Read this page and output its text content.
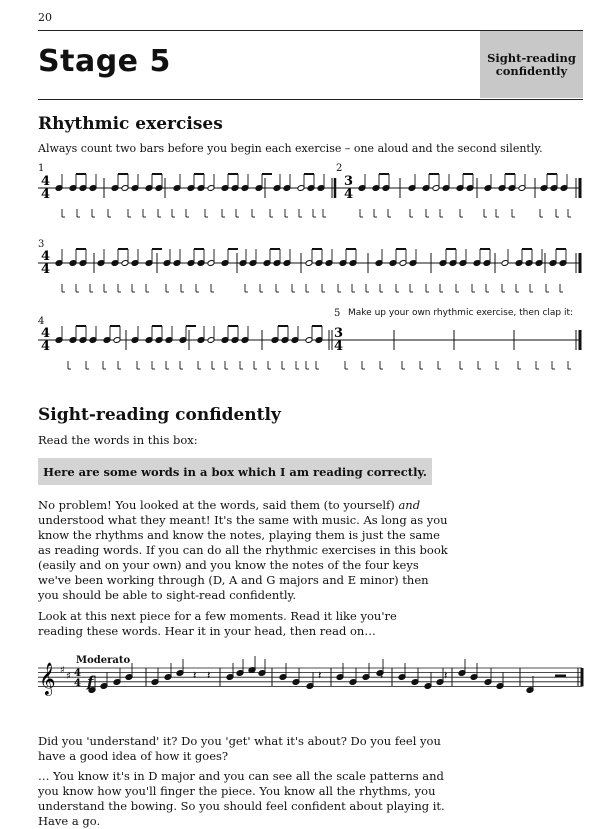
20
Stage 5	Sight-reading
confidently
Rhythmic exercises
Always count two bars before you begin each exercise – one aloud and the second silently.
1	2
3
4
5 Make up your own rhythmic exercise, then clap it:
4
4
3
4
4
4
4
4
3
4
𝄞 ♯
♯ 4
4
𝄽 𝄽	𝄽	𝄽	𝄽
Sight-reading confidently
Read the words in this box:
Here are some words in a box which I am reading correctly.
No problem! You looked at the words, said them (to yourself) and understood what they meant! It's the same with music. As long as you know the rhythms and know the notes, playing them is just the same as reading words. If you can do all the rhythmic exercises in this book (easily and on your own) and you know the notes of the four keys we've been working through (D, A and G majors and E minor) then you should be able to sight-read confidently.
Look at this next piece for a few moments. Read it like you're reading these words. Hear it in your head, then read on…
Moderato
f
Did you 'understand' it? Do you 'get' what it's about? Do you feel you have a good idea of how it goes?
… You know it's in D major and you can see all the scale patterns and you know how you'll finger the piece. You know all the rhythms, you understand the bowing. So you should feel confident about playing it. Have a go.
